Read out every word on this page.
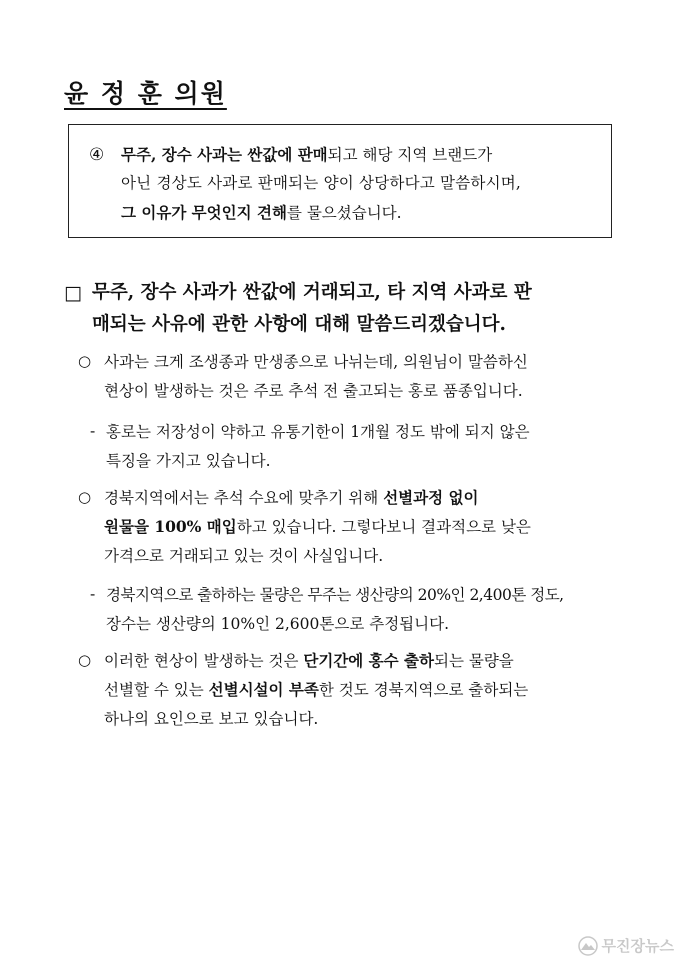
윤 정 훈 의원
④ 무주, 장수 사과는 싼값에 판매되고 해당 지역 브랜드가
아닌 경상도 사과로 판매되는 양이 상당하다고 말씀하시며,
그 이유가 무엇인지 견해를 물으셨습니다.
□ 무주, 장수 사과가 싼값에 거래되고, 타 지역 사과로 판
매되는 사유에 관한 사항에 대해 말씀드리겠습니다.
○ 사과는 크게 조생종과 만생종으로 나뉘는데, 의원님이 말씀하신
현상이 발생하는 것은 주로 추석 전 출고되는 홍로 품종입니다.
- 홍로는 저장성이 약하고 유통기한이 1개월 정도 밖에 되지 않은
특징을 가지고 있습니다.
○ 경북지역에서는 추석 수요에 맞추기 위해 선별과정 없이
원물을 100% 매입하고 있습니다. 그렇다보니 결과적으로 낮은
가격으로 거래되고 있는 것이 사실입니다.
- 경북지역으로 출하하는 물량은 무주는 생산량의 20%인 2,400톤 정도,
장수는 생산량의 10%인 2,600톤으로 추정됩니다.
○ 이러한 현상이 발생하는 것은 단기간에 홍수 출하되는 물량을
선별할 수 있는 선별시설이 부족한 것도 경북지역으로 출하되는
하나의 요인으로 보고 있습니다.
무진장뉴스
